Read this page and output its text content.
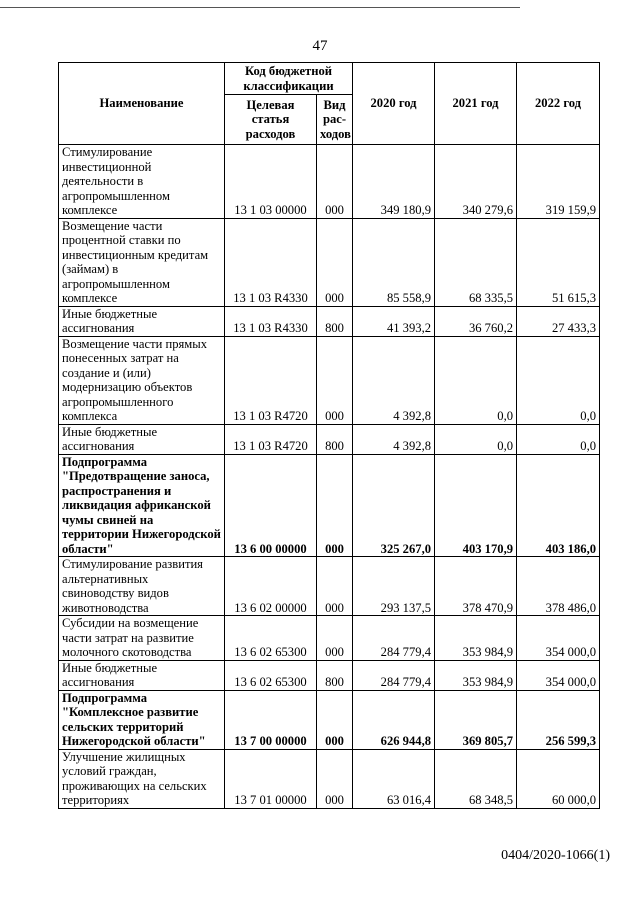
47
Наименование	Код бюджетной классификации		2020 год	2021 год	2022 год
	Целевая статья расходов	Вид рас-ходов			
Стимулирование инвестиционной деятельности в агропромышленном комплексе	13 1 03 00000	000	349 180,9	340 279,6	319 159,9
Возмещение части процентной ставки по инвестиционным кредитам (займам) в агропромышленном комплексе	13 1 03 R4330	000	85 558,9	68 335,5	51 615,3
Иные бюджетные ассигнования	13 1 03 R4330	800	41 393,2	36 760,2	27 433,3
Возмещение части прямых понесенных затрат на создание и (или) модернизацию объектов агропромышленного комплекса	13 1 03 R4720	000	4 392,8	0,0	0,0
Иные бюджетные ассигнования	13 1 03 R4720	800	4 392,8	0,0	0,0
Подпрограмма "Предотвращение заноса, распространения и ликвидация африканской чумы свиней на территории Нижегородской области"	13 6 00 00000	000	325 267,0	403 170,9	403 186,0
Стимулирование развития альтернативных свиноводству видов животноводства	13 6 02 00000	000	293 137,5	378 470,9	378 486,0
Субсидии на возмещение части затрат на развитие молочного скотоводства	13 6 02 65300	000	284 779,4	353 984,9	354 000,0
Иные бюджетные ассигнования	13 6 02 65300	800	284 779,4	353 984,9	354 000,0
Подпрограмма "Комплексное развитие сельских территорий Нижегородской области"	13 7 00 00000	000	626 944,8	369 805,7	256 599,3
Улучшение жилищных условий граждан, проживающих на сельских территориях	13 7 01 00000	000	63 016,4	68 348,5	60 000,0
0404/2020-1066(1)
